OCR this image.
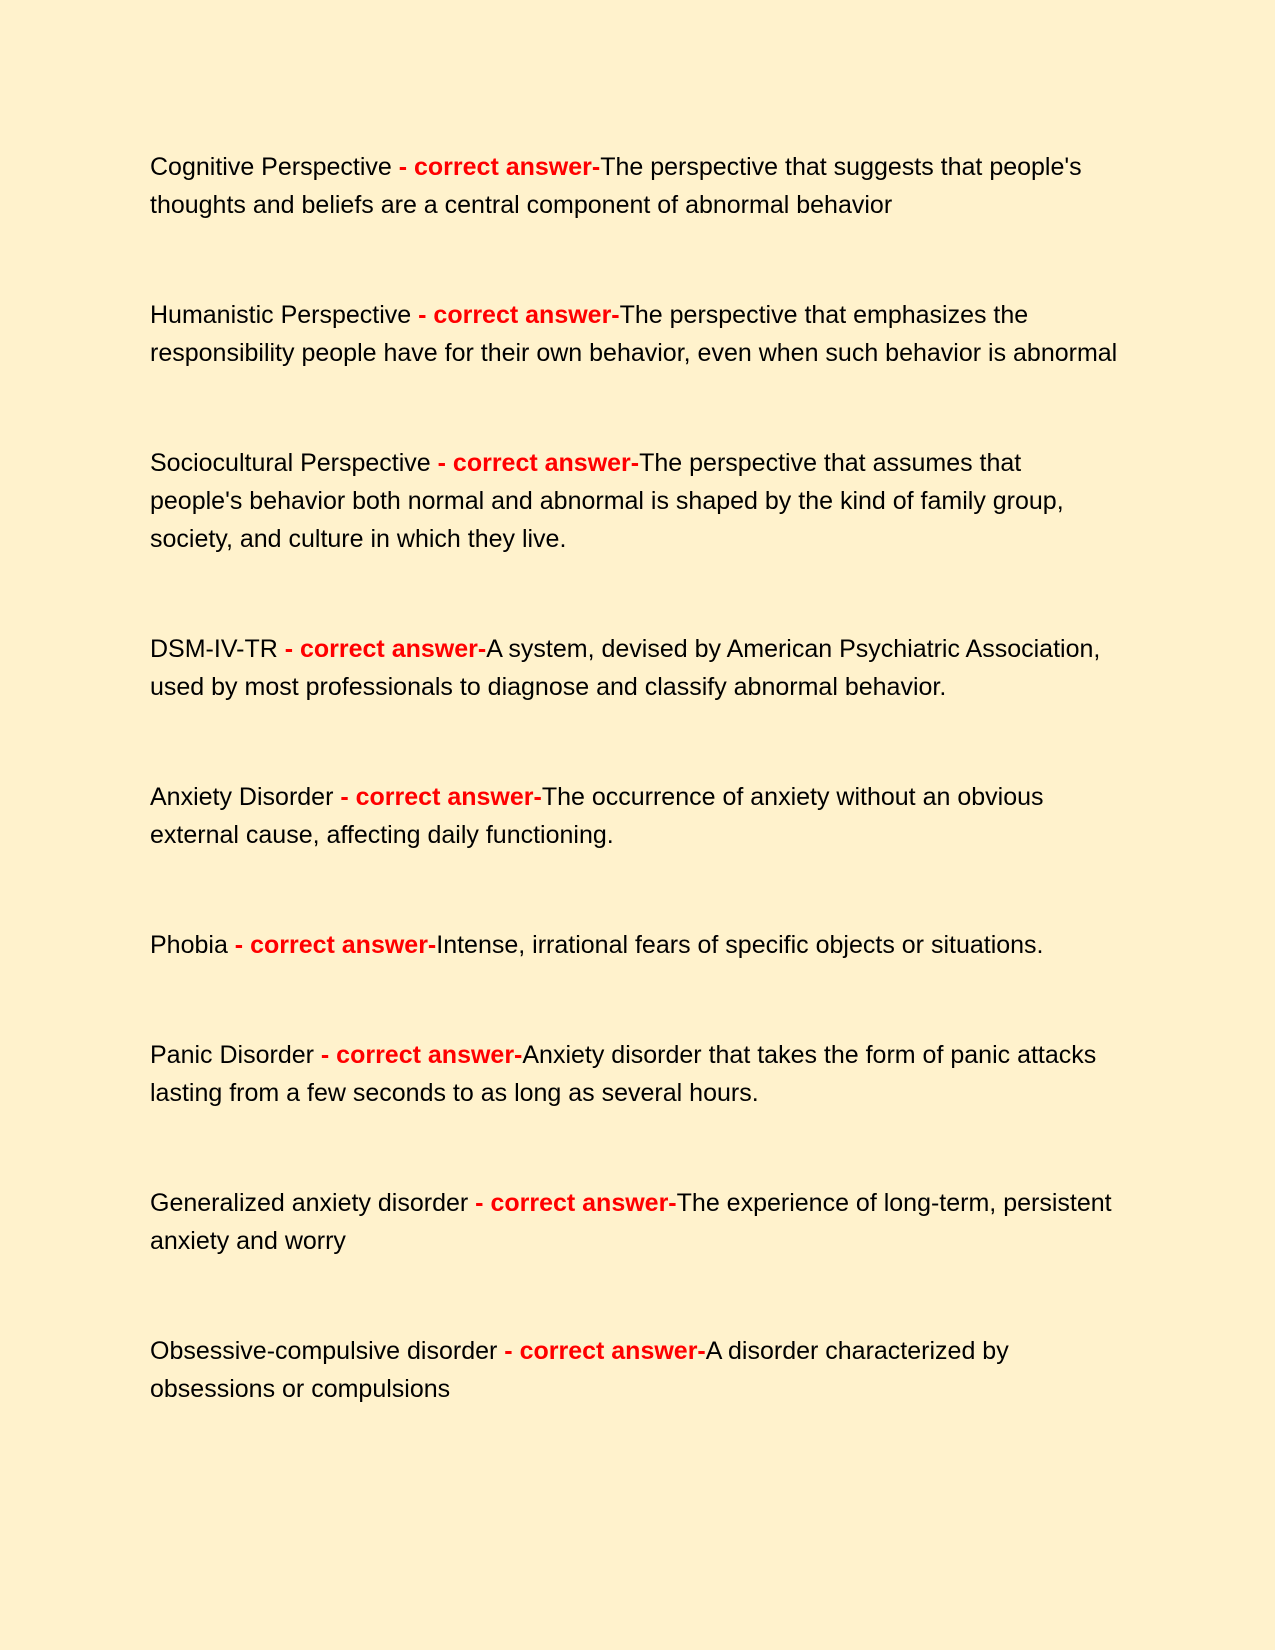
Cognitive Perspective - correct answer-The perspective that suggests that people's thoughts and beliefs are a central component of abnormal behavior

Humanistic Perspective - correct answer-The perspective that emphasizes the responsibility people have for their own behavior, even when such behavior is abnormal

Sociocultural Perspective - correct answer-The perspective that assumes that people's behavior both normal and abnormal is shaped by the kind of family group, society, and culture in which they live.

DSM-IV-TR - correct answer-A system, devised by American Psychiatric Association, used by most professionals to diagnose and classify abnormal behavior.

Anxiety Disorder - correct answer-The occurrence of anxiety without an obvious external cause, affecting daily functioning.

Phobia - correct answer-Intense, irrational fears of specific objects or situations.

Panic Disorder - correct answer-Anxiety disorder that takes the form of panic attacks lasting from a few seconds to as long as several hours.

Generalized anxiety disorder - correct answer-The experience of long-term, persistent anxiety and worry

Obsessive-compulsive disorder - correct answer-A disorder characterized by obsessions or compulsions
